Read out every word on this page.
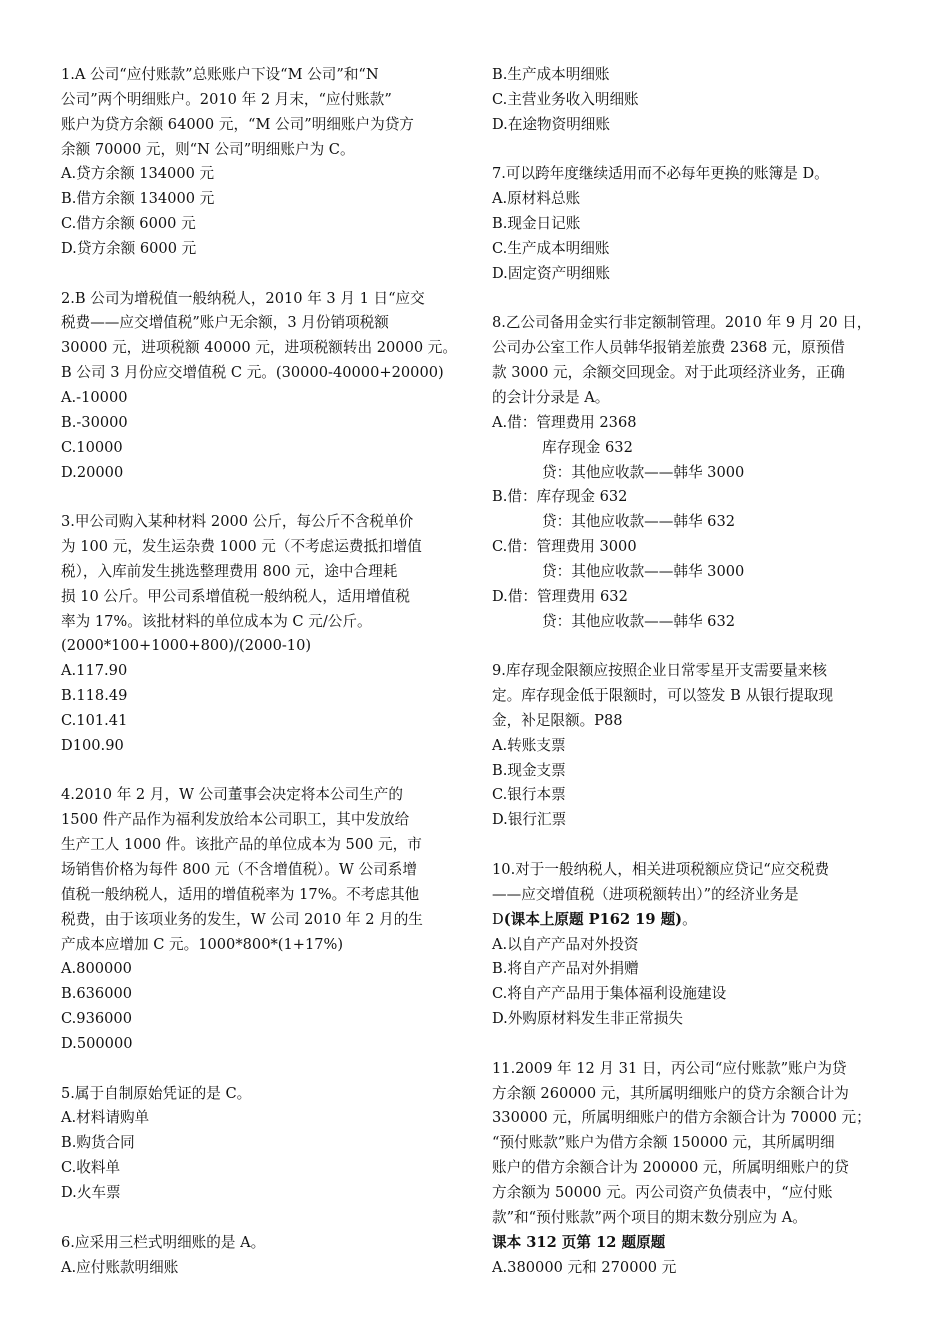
1.A 公司“应付账款”总账账户下设“M 公司”和“N
公司”两个明细账户。2010 年 2 月末，“应付账款”
账户为贷方余额 64000 元，“M 公司”明细账户为贷方
余额 70000 元，则“N 公司”明细账户为 C。
A.贷方余额 134000 元
B.借方余额 134000 元
C.借方余额 6000 元
D.贷方余额 6000 元
2.B 公司为增税值一般纳税人，2010 年 3 月 1 日“应交
税费——应交增值税”账户无余额，3 月份销项税额
30000 元，进项税额 40000 元，进项税额转出 20000 元。
B 公司 3 月份应交增值税 C 元。(30000-40000+20000)
A.-10000
B.-30000
C.10000
D.20000
3.甲公司购入某种材料 2000 公斤，每公斤不含税单价
为 100 元，发生运杂费 1000 元（不考虑运费抵扣增值
税），入库前发生挑选整理费用 800 元，途中合理耗
损 10 公斤。甲公司系增值税一般纳税人，适用增值税
率为 17%。该批材料的单位成本为 C 元/公斤。
(2000*100+1000+800)/(2000-10)
A.117.90
B.118.49
C.101.41
D100.90
4.2010 年 2 月，W 公司董事会决定将本公司生产的
1500 件产品作为福利发放给本公司职工，其中发放给
生产工人 1000 件。该批产品的单位成本为 500 元，市
场销售价格为每件 800 元（不含增值税）。W 公司系增
值税一般纳税人，适用的增值税率为 17%。不考虑其他
税费，由于该项业务的发生，W 公司 2010 年 2 月的生
产成本应增加 C 元。1000*800*(1+17%)
A.800000
B.636000
C.936000
D.500000
5.属于自制原始凭证的是 C。
A.材料请购单
B.购货合同
C.收料单
D.火车票
6.应采用三栏式明细账的是 A。
A.应付账款明细账
B.生产成本明细账
C.主营业务收入明细账
D.在途物资明细账
7.可以跨年度继续适用而不必每年更换的账簿是 D。
A.原材料总账
B.现金日记账
C.生产成本明细账
D.固定资产明细账
8.乙公司备用金实行非定额制管理。2010 年 9 月 20 日，
公司办公室工作人员韩华报销差旅费 2368 元，原预借
款 3000 元，余额交回现金。对于此项经济业务，正确
的会计分录是 A。
A.借：管理费用 2368
库存现金 632
贷：其他应收款——韩华 3000
B.借：库存现金 632
贷：其他应收款——韩华 632
C.借：管理费用 3000
贷：其他应收款——韩华 3000
D.借：管理费用 632
贷：其他应收款——韩华 632
9.库存现金限额应按照企业日常零星开支需要量来核
定。库存现金低于限额时，可以签发 B 从银行提取现
金，补足限额。P88
A.转账支票
B.现金支票
C.银行本票
D.银行汇票
10.对于一般纳税人，相关进项税额应贷记“应交税费
——应交增值税（进项税额转出）”的经济业务是
D(课本上原题 P162 19 题)。
A.以自产产品对外投资
B.将自产产品对外捐赠
C.将自产产品用于集体福利设施建设
D.外购原材料发生非正常损失
11.2009 年 12 月 31 日，丙公司“应付账款”账户为贷
方余额 260000 元，其所属明细账户的贷方余额合计为
330000 元，所属明细账户的借方余额合计为 70000 元；
“预付账款”账户为借方余额 150000 元，其所属明细
账户的借方余额合计为 200000 元，所属明细账户的贷
方余额为 50000 元。丙公司资产负债表中，“应付账
款”和“预付账款”两个项目的期末数分别应为 A。
课本 312 页第 12 题原题
A.380000 元和 270000 元
